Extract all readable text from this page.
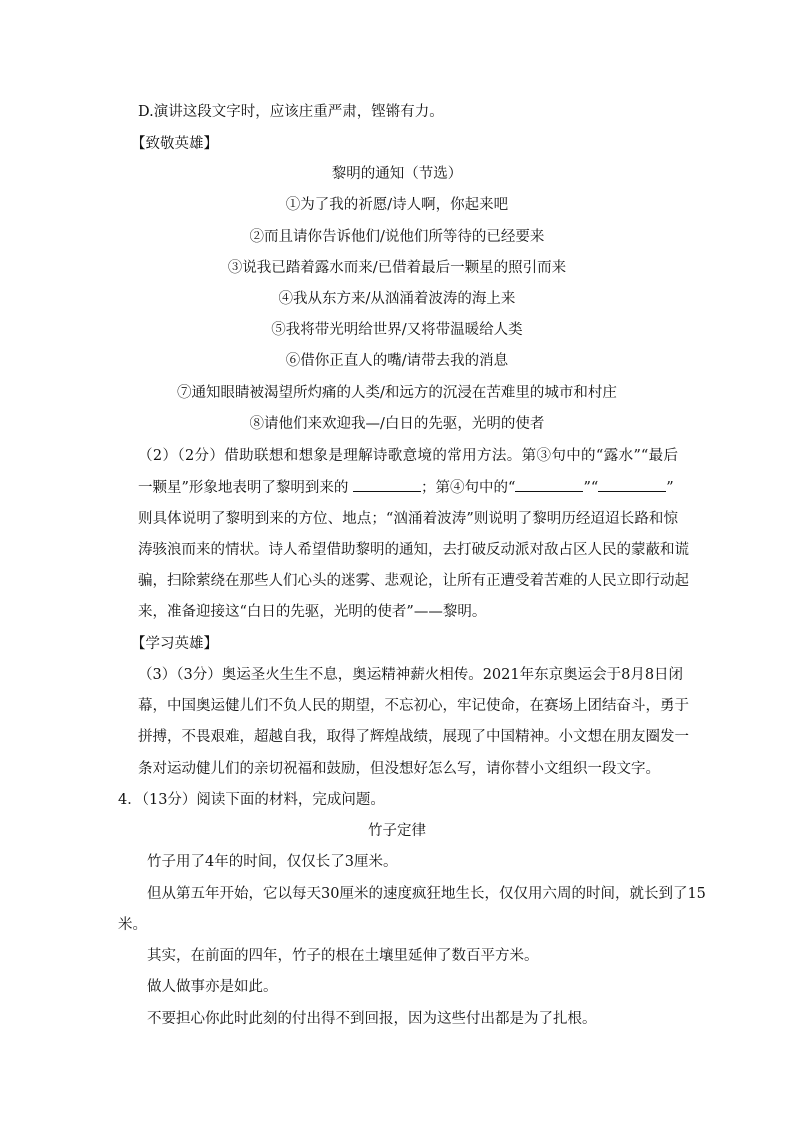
D.演讲这段文字时，应该庄重严肃，铿锵有力。
【致敬英雄】
黎明的通知（节选）
①为了我的祈愿/诗人啊，你起来吧
②而且请你告诉他们/说他们所等待的已经要来
③说我已踏着露水而来/已借着最后一颗星的照引而来
④我从东方来/从汹涌着波涛的海上来
⑤我将带光明给世界/又将带温暖给人类
⑥借你正直人的嘴/请带去我的消息
⑦通知眼睛被渴望所灼痛的人类/和远方的沉浸在苦难里的城市和村庄
⑧请他们来欢迎我—/白日的先驱，光明的使者
（2）（2分）借助联想和想象是理解诗歌意境的常用方法。第③句中的“露水”“最后
一颗星”形象地表明了黎明到来的	；第④句中的“	”“	”
则具体说明了黎明到来的方位、地点；“汹涌着波涛”则说明了黎明历经迢迢长路和惊
涛骇浪而来的情状。诗人希望借助黎明的通知，去打破反动派对敌占区人民的蒙蔽和谎
骗，扫除萦绕在那些人们心头的迷雾、悲观论，让所有正遭受着苦难的人民立即行动起
来，准备迎接这“白日的先驱，光明的使者”——黎明。
【学习英雄】
（3）（3分）奥运圣火生生不息，奥运精神薪火相传。2021年东京奥运会于8月8日闭
幕，中国奥运健儿们不负人民的期望，不忘初心，牢记使命，在赛场上团结奋斗，勇于
拼搏，不畏艰难，超越自我，取得了辉煌战绩，展现了中国精神。小文想在朋友圈发一
条对运动健儿们的亲切祝福和鼓励，但没想好怎么写，请你替小文组织一段文字。
4．（13分）阅读下面的材料，完成问题。
竹子定律
竹子用了4年的时间，仅仅长了3厘米。
但从第五年开始，它以每天30厘米的速度疯狂地生长，仅仅用六周的时间，就长到了15
米。
其实，在前面的四年，竹子的根在土壤里延伸了数百平方米。
做人做事亦是如此。
不要担心你此时此刻的付出得不到回报，因为这些付出都是为了扎根。
